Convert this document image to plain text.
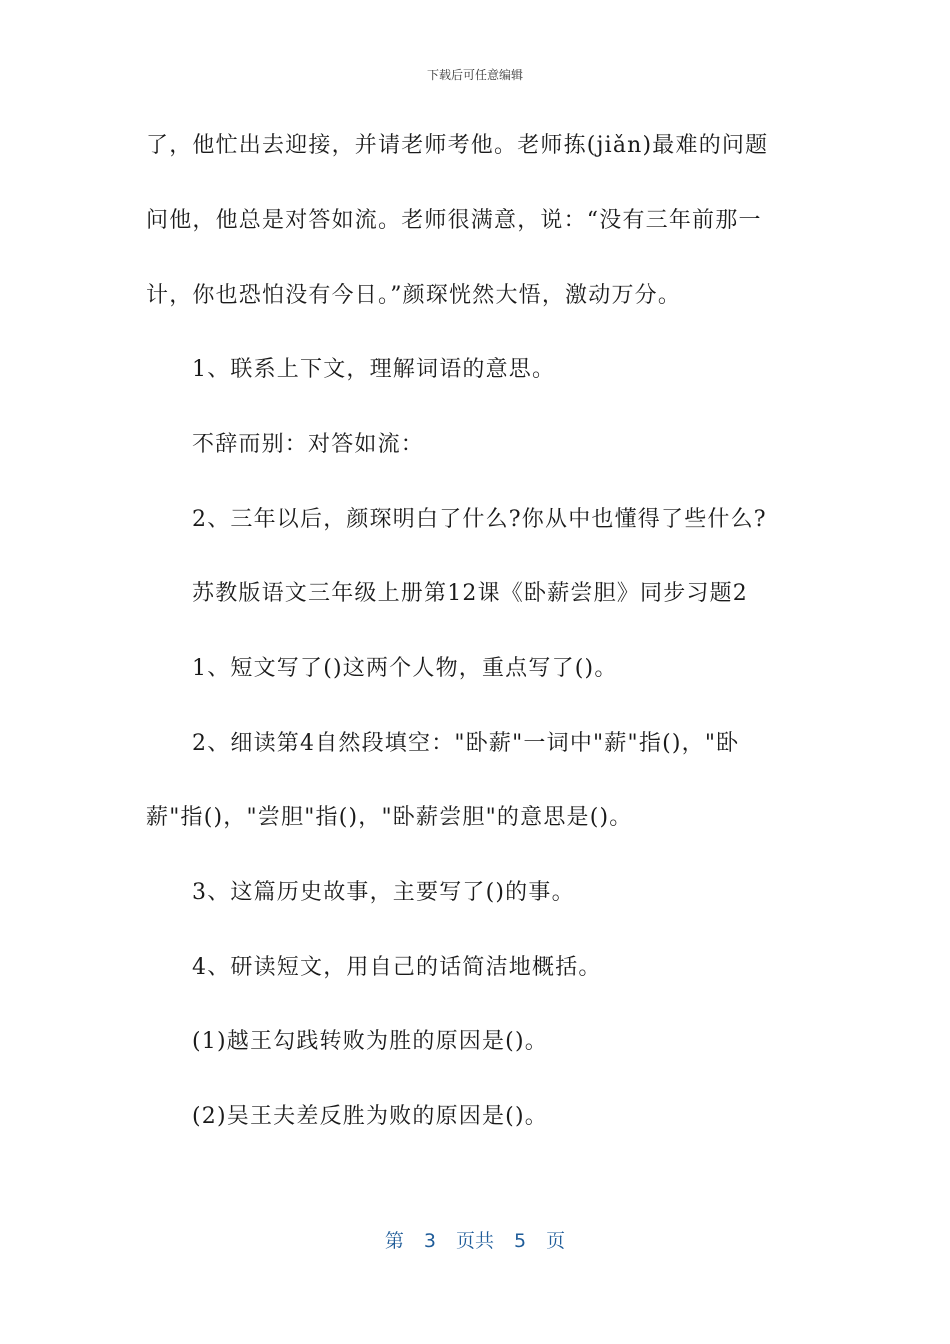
下载后可任意编辑
了，他忙出去迎接，并请老师考他。老师拣(jiǎn)最难的问题
问他，他总是对答如流。老师很满意，说：“没有三年前那一
计，你也恐怕没有今日。”颜琛恍然大悟，激动万分。
1、联系上下文，理解词语的意思。
不辞而别：对答如流：
2、三年以后，颜琛明白了什么?你从中也懂得了些什么?
苏教版语文三年级上册第12课《卧薪尝胆》同步习题2
1、短文写了()这两个人物，重点写了()。
2、细读第4自然段填空："卧薪"一词中"薪"指()，"卧
薪"指()，"尝胆"指()，"卧薪尝胆"的意思是()。
3、这篇历史故事，主要写了()的事。
4、研读短文，用自己的话简洁地概括。
(1)越王勾践转败为胜的原因是()。
(2)吴王夫差反胜为败的原因是()。
第 3 页共 5 页
